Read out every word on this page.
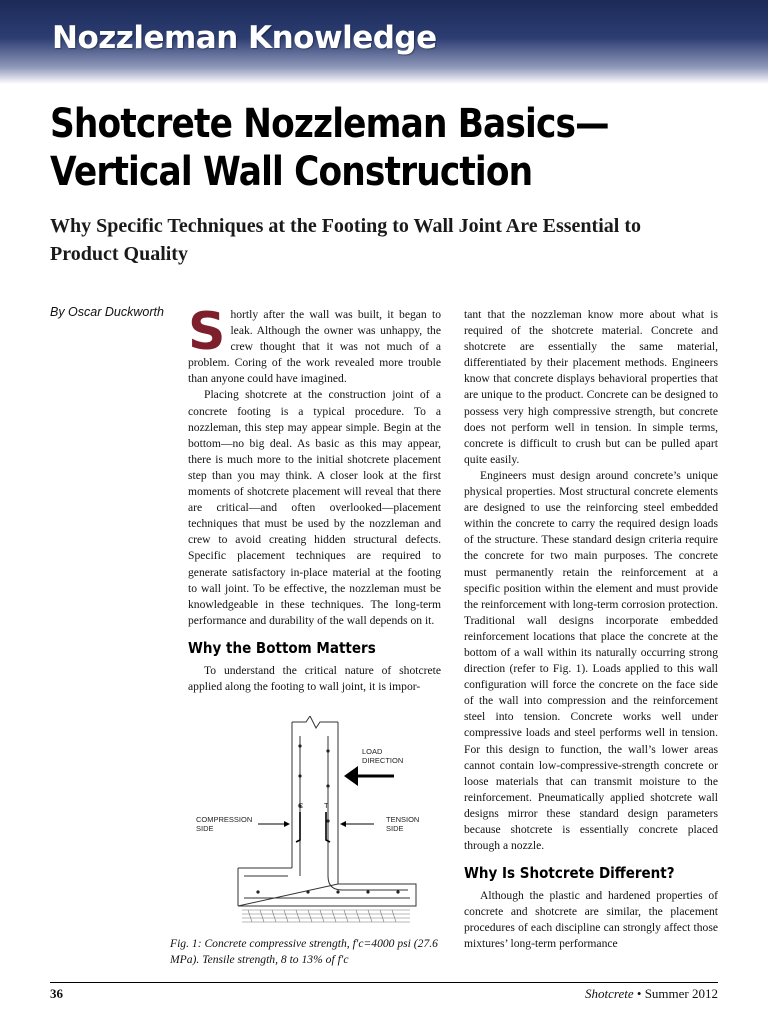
Nozzleman Knowledge
Shotcrete Nozzleman Basics—
Vertical Wall Construction
Why Specific Techniques at the Footing to Wall Joint Are Essential to Product Quality
By Oscar Duckworth Shortly after the wall was built, it began to leak. Although the owner was unhappy, the crew thought that it was not much of a problem. Coring of the work revealed more trouble than anyone could have imagined.

Placing shotcrete at the construction joint of a concrete footing is a typical procedure. To a nozzleman, this step may appear simple. Begin at the bottom—no big deal. As basic as this may appear, there is much more to the initial shotcrete placement step than you may think. A closer look at the first moments of shotcrete placement will reveal that there are critical—and often overlooked—placement techniques that must be used by the nozzleman and crew to avoid creating hidden structural defects. Specific placement techniques are required to generate satisfactory in-place material at the footing to wall joint. To be effective, the nozzleman must be knowledgeable in these techniques. The long-term performance and durability of the wall depends on it.

Why the Bottom Matters

To understand the critical nature of shotcrete applied along the footing to wall joint, it is impor-

LOAD
DIRECTION
COMPRESSION
SIDE
TENSION
SIDE
C	T
Fig. 1: Concrete compressive strength, f′c=4000 psi (27.6 MPa). Tensile strength, 8 to 13% of f′c

tant that the nozzleman know more about what is required of the shotcrete material. Concrete and shotcrete are essentially the same material, differentiated by their placement methods. Engineers know that concrete displays behavioral properties that are unique to the product. Concrete can be designed to possess very high compressive strength, but concrete does not perform well in tension. In simple terms, concrete is difficult to crush but can be pulled apart quite easily.

Engineers must design around concrete’s unique physical properties. Most structural concrete elements are designed to use the reinforcing steel embedded within the concrete to carry the required design loads of the structure. These standard design criteria require the concrete for two main purposes. The concrete must permanently retain the reinforcement at a specific position within the element and must provide the reinforcement with long-term corrosion protection. Traditional wall designs incorporate embedded reinforcement locations that place the concrete at the bottom of a wall within its naturally occurring strong direction (refer to Fig. 1). Loads applied to this wall configuration will force the concrete on the face side of the wall into compression and the reinforcement steel into tension. Concrete works well under compressive loads and steel performs well in tension. For this design to function, the wall’s lower areas cannot contain low-compressive-strength concrete or loose materials that can transmit moisture to the reinforcement. Pneumatically applied shotcrete wall designs mirror these standard design parameters because shotcrete is essentially concrete placed through a nozzle.

Why Is Shotcrete Different?

Although the plastic and hardened properties of concrete and shotcrete are similar, the placement procedures of each discipline can strongly affect those mixtures’ long-term performance

36	Shotcrete • Summer 2012
